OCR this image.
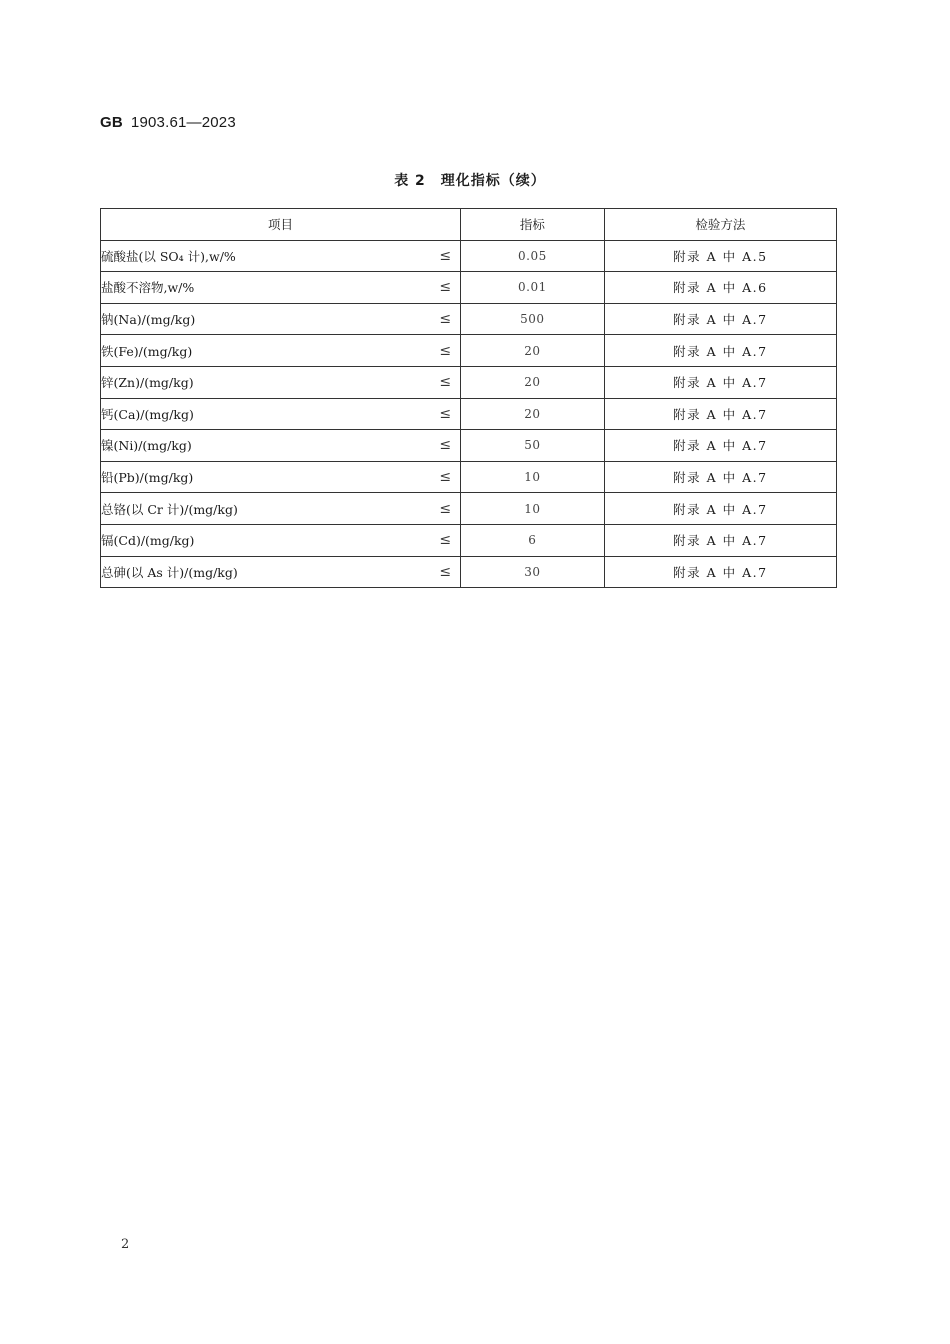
GB 1903.61—2023
表 2　理化指标（续）
项目	指标	检验方法
硫酸盐(以 SO₄ 计),w/% ≤	0.05	附录 A 中 A.5
盐酸不溶物,w/% ≤	0.01	附录 A 中 A.6
钠(Na)/(mg/kg) ≤	500	附录 A 中 A.7
铁(Fe)/(mg/kg) ≤	20	附录 A 中 A.7
锌(Zn)/(mg/kg) ≤	20	附录 A 中 A.7
钙(Ca)/(mg/kg) ≤	20	附录 A 中 A.7
镍(Ni)/(mg/kg) ≤	50	附录 A 中 A.7
铅(Pb)/(mg/kg) ≤	10	附录 A 中 A.7
总铬(以 Cr 计)/(mg/kg) ≤	10	附录 A 中 A.7
镉(Cd)/(mg/kg) ≤	6	附录 A 中 A.7
总砷(以 As 计)/(mg/kg) ≤	30	附录 A 中 A.7
2
